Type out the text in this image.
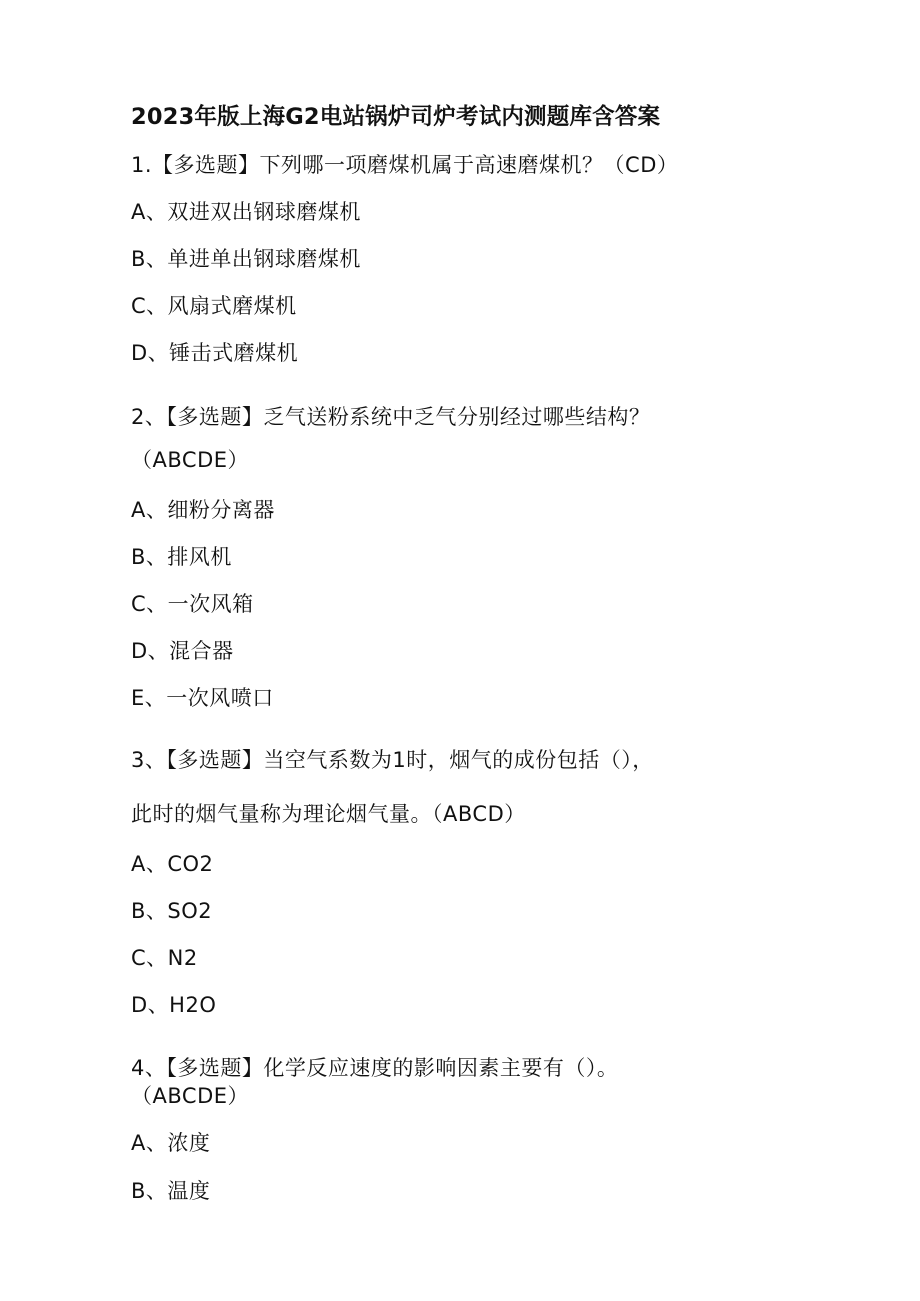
2023年版上海G2电站锅炉司炉考试内测题库含答案
1.【多选题】下列哪一项磨煤机属于高速磨煤机？（CD）
A、双进双出钢球磨煤机
B、单进单出钢球磨煤机
C、风扇式磨煤机
D、锤击式磨煤机
2、【多选题】乏气送粉系统中乏气分别经过哪些结构？
（ABCDE）
A、细粉分离器
B、排风机
C、一次风箱
D、混合器
E、一次风喷口
3、【多选题】当空气系数为1时，烟气的成份包括（），
此时的烟气量称为理论烟气量。（ABCD）
A、CO2
B、SO2
C、N2
D、H2O
4、【多选题】化学反应速度的影响因素主要有（）。
（ABCDE）
A、浓度
B、温度
